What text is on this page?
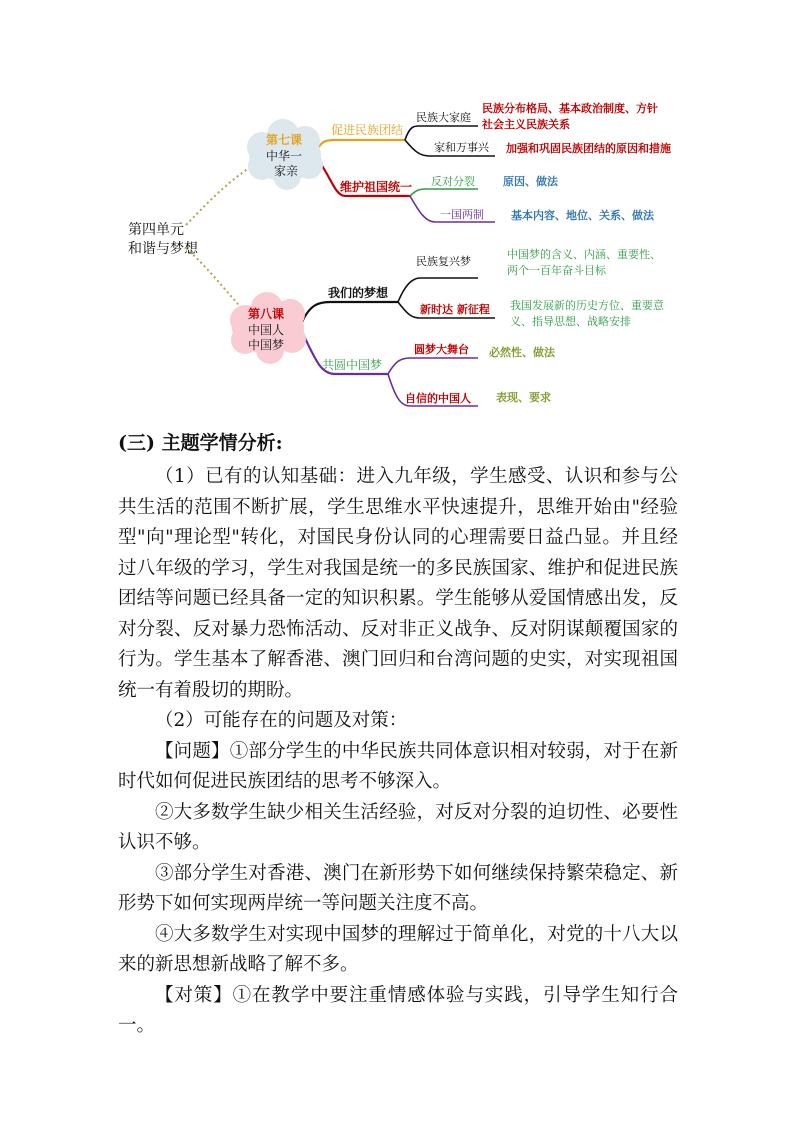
第四单元
和谐与梦想
第七课
中华一
家亲
促进民族团结
维护祖国统一
民族大家庭
民族分布格局、基本政治制度、方针
社会主义民族关系
家和万事兴 加强和巩固民族团结的原因和措施
反对分裂	原因、做法
一国两制 基本内容、地位、关系、做法
第八课
中国人
中国梦
我们的梦想
共圆中国梦
民族复兴梦
中国梦的含义、内涵、重要性、
两个一百年奋斗目标
新时达 新征程 我国发展新的历史方位、重要意
义、指导思想、战略安排
圆梦大舞台 必然性、做法
自信的中国人 表现、要求
(三) 主题学情分析:

（1）已有的认知基础：进入九年级，学生感受、认识和参与公共生活的范围不断扩展，学生思维水平快速提升，思维开始由"经验型"向"理论型"转化，对国民身份认同的心理需要日益凸显。并且经过八年级的学习，学生对我国是统一的多民族国家、维护和促进民族团结等问题已经具备一定的知识积累。学生能够从爱国情感出发，反对分裂、反对暴力恐怖活动、反对非正义战争、反对阴谋颠覆国家的行为。学生基本了解香港、澳门回归和台湾问题的史实，对实现祖国统一有着殷切的期盼。

（2）可能存在的问题及对策：

【问题】①部分学生的中华民族共同体意识相对较弱，对于在新时代如何促进民族团结的思考不够深入。

②大多数学生缺少相关生活经验，对反对分裂的迫切性、必要性认识不够。

③部分学生对香港、澳门在新形势下如何继续保持繁荣稳定、新形势下如何实现两岸统一等问题关注度不高。

④大多数学生对实现中国梦的理解过于简单化，对党的十八大以来的新思想新战略了解不多。

【对策】①在教学中要注重情感体验与实践，引导学生知行合一。
